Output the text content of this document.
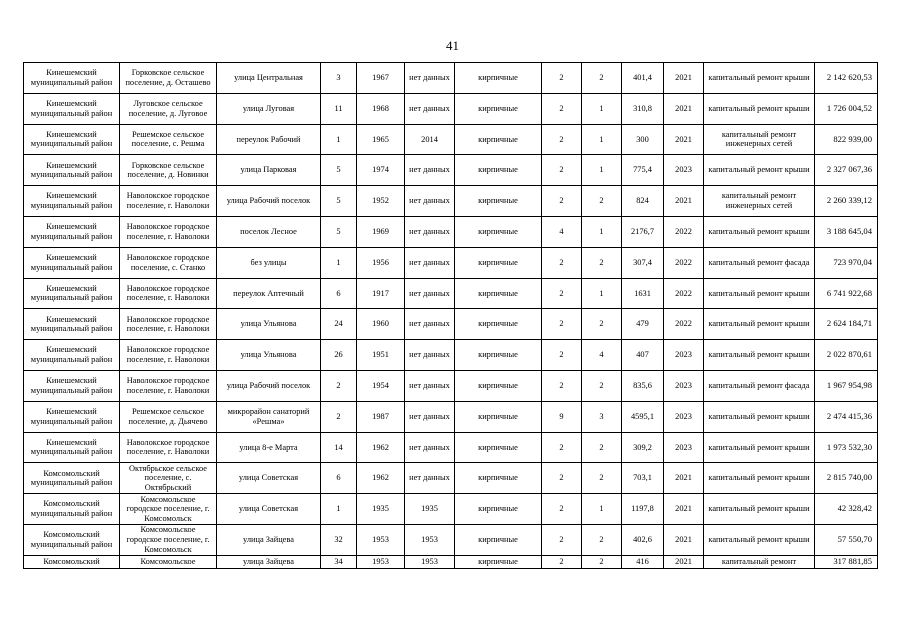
41
Кинешемский муниципальный район	Горковское сельское поселение, д. Осташево	улица Центральная	3	1967	нет данных	кирпичные	2	2	401,4	2021	капитальный ремонт крыши	2 142 620,53
Кинешемский муниципальный район	Луговское сельское поселение, д. Луговое	улица Луговая	11	1968	нет данных	кирпичные	2	1	310,8	2021	капитальный ремонт крыши	1 726 004,52
Кинешемский муниципальный район	Решемское сельское поселение, с. Решма	переулок Рабочий	1	1965	2014	кирпичные	2	1	300	2021	капитальный ремонт инженерных сетей	822 939,00
Кинешемский муниципальный район	Горковское сельское поселение, д. Новинки	улица Парковая	5	1974	нет данных	кирпичные	2	1	775,4	2023	капитальный ремонт крыши	2 327 067,36
Кинешемский муниципальный район	Наволокское городское поселение, г. Наволоки	улица Рабочий поселок	5	1952	нет данных	кирпичные	2	2	824	2021	капитальный ремонт инженерных сетей	2 260 339,12
Кинешемский муниципальный район	Наволокское городское поселение, г. Наволоки	поселок Лесное	5	1969	нет данных	кирпичные	4	1	2176,7	2022	капитальный ремонт крыши	3 188 645,04
Кинешемский муниципальный район	Наволокское городское поселение, с. Станко	без улицы	1	1956	нет данных	кирпичные	2	2	307,4	2022	капитальный ремонт фасада	723 970,04
Кинешемский муниципальный район	Наволокское городское поселение, г. Наволоки	переулок Аптечный	6	1917	нет данных	кирпичные	2	1	1631	2022	капитальный ремонт крыши	6 741 922,68
Кинешемский муниципальный район	Наволокское городское поселение, г. Наволоки	улица Ульянова	24	1960	нет данных	кирпичные	2	2	479	2022	капитальный ремонт крыши	2 624 184,71
Кинешемский муниципальный район	Наволокское городское поселение, г. Наволоки	улица Ульянова	26	1951	нет данных	кирпичные	2	4	407	2023	капитальный ремонт крыши	2 022 870,61
Кинешемский муниципальный район	Наволокское городское поселение, г. Наволоки	улица Рабочий поселок	2	1954	нет данных	кирпичные	2	2	835,6	2023	капитальный ремонт фасада	1 967 954,98
Кинешемский муниципальный район	Решемское сельское поселение, д. Дьячево	микрорайон санаторий «Решма»	2	1987	нет данных	кирпичные	9	3	4595,1	2023	капитальный ремонт крыши	2 474 415,36
Кинешемский муниципальный район	Наволокское городское поселение, г. Наволоки	улица 8-е Марта	14	1962	нет данных	кирпичные	2	2	309,2	2023	капитальный ремонт крыши	1 973 532,30
Комсомольский муниципальный район	Октябрьское сельское поселение, с. Октябрьский	улица Советская	6	1962	нет данных	кирпичные	2	2	703,1	2021	капитальный ремонт крыши	2 815 740,00
Комсомольский муниципальный район	Комсомольское городское поселение, г. Комсомольск	улица Советская	1	1935	1935	кирпичные	2	1	1197,8	2021	капитальный ремонт крыши	42 328,42
Комсомольский муниципальный район	Комсомольское городское поселение, г. Комсомольск	улица Зайцева	32	1953	1953	кирпичные	2	2	402,6	2021	капитальный ремонт крыши	57 550,70
Комсомольский	Комсомольское	улица Зайцева	34	1953	1953	кирпичные	2	2	416	2021	капитальный ремонт	317 881,85
